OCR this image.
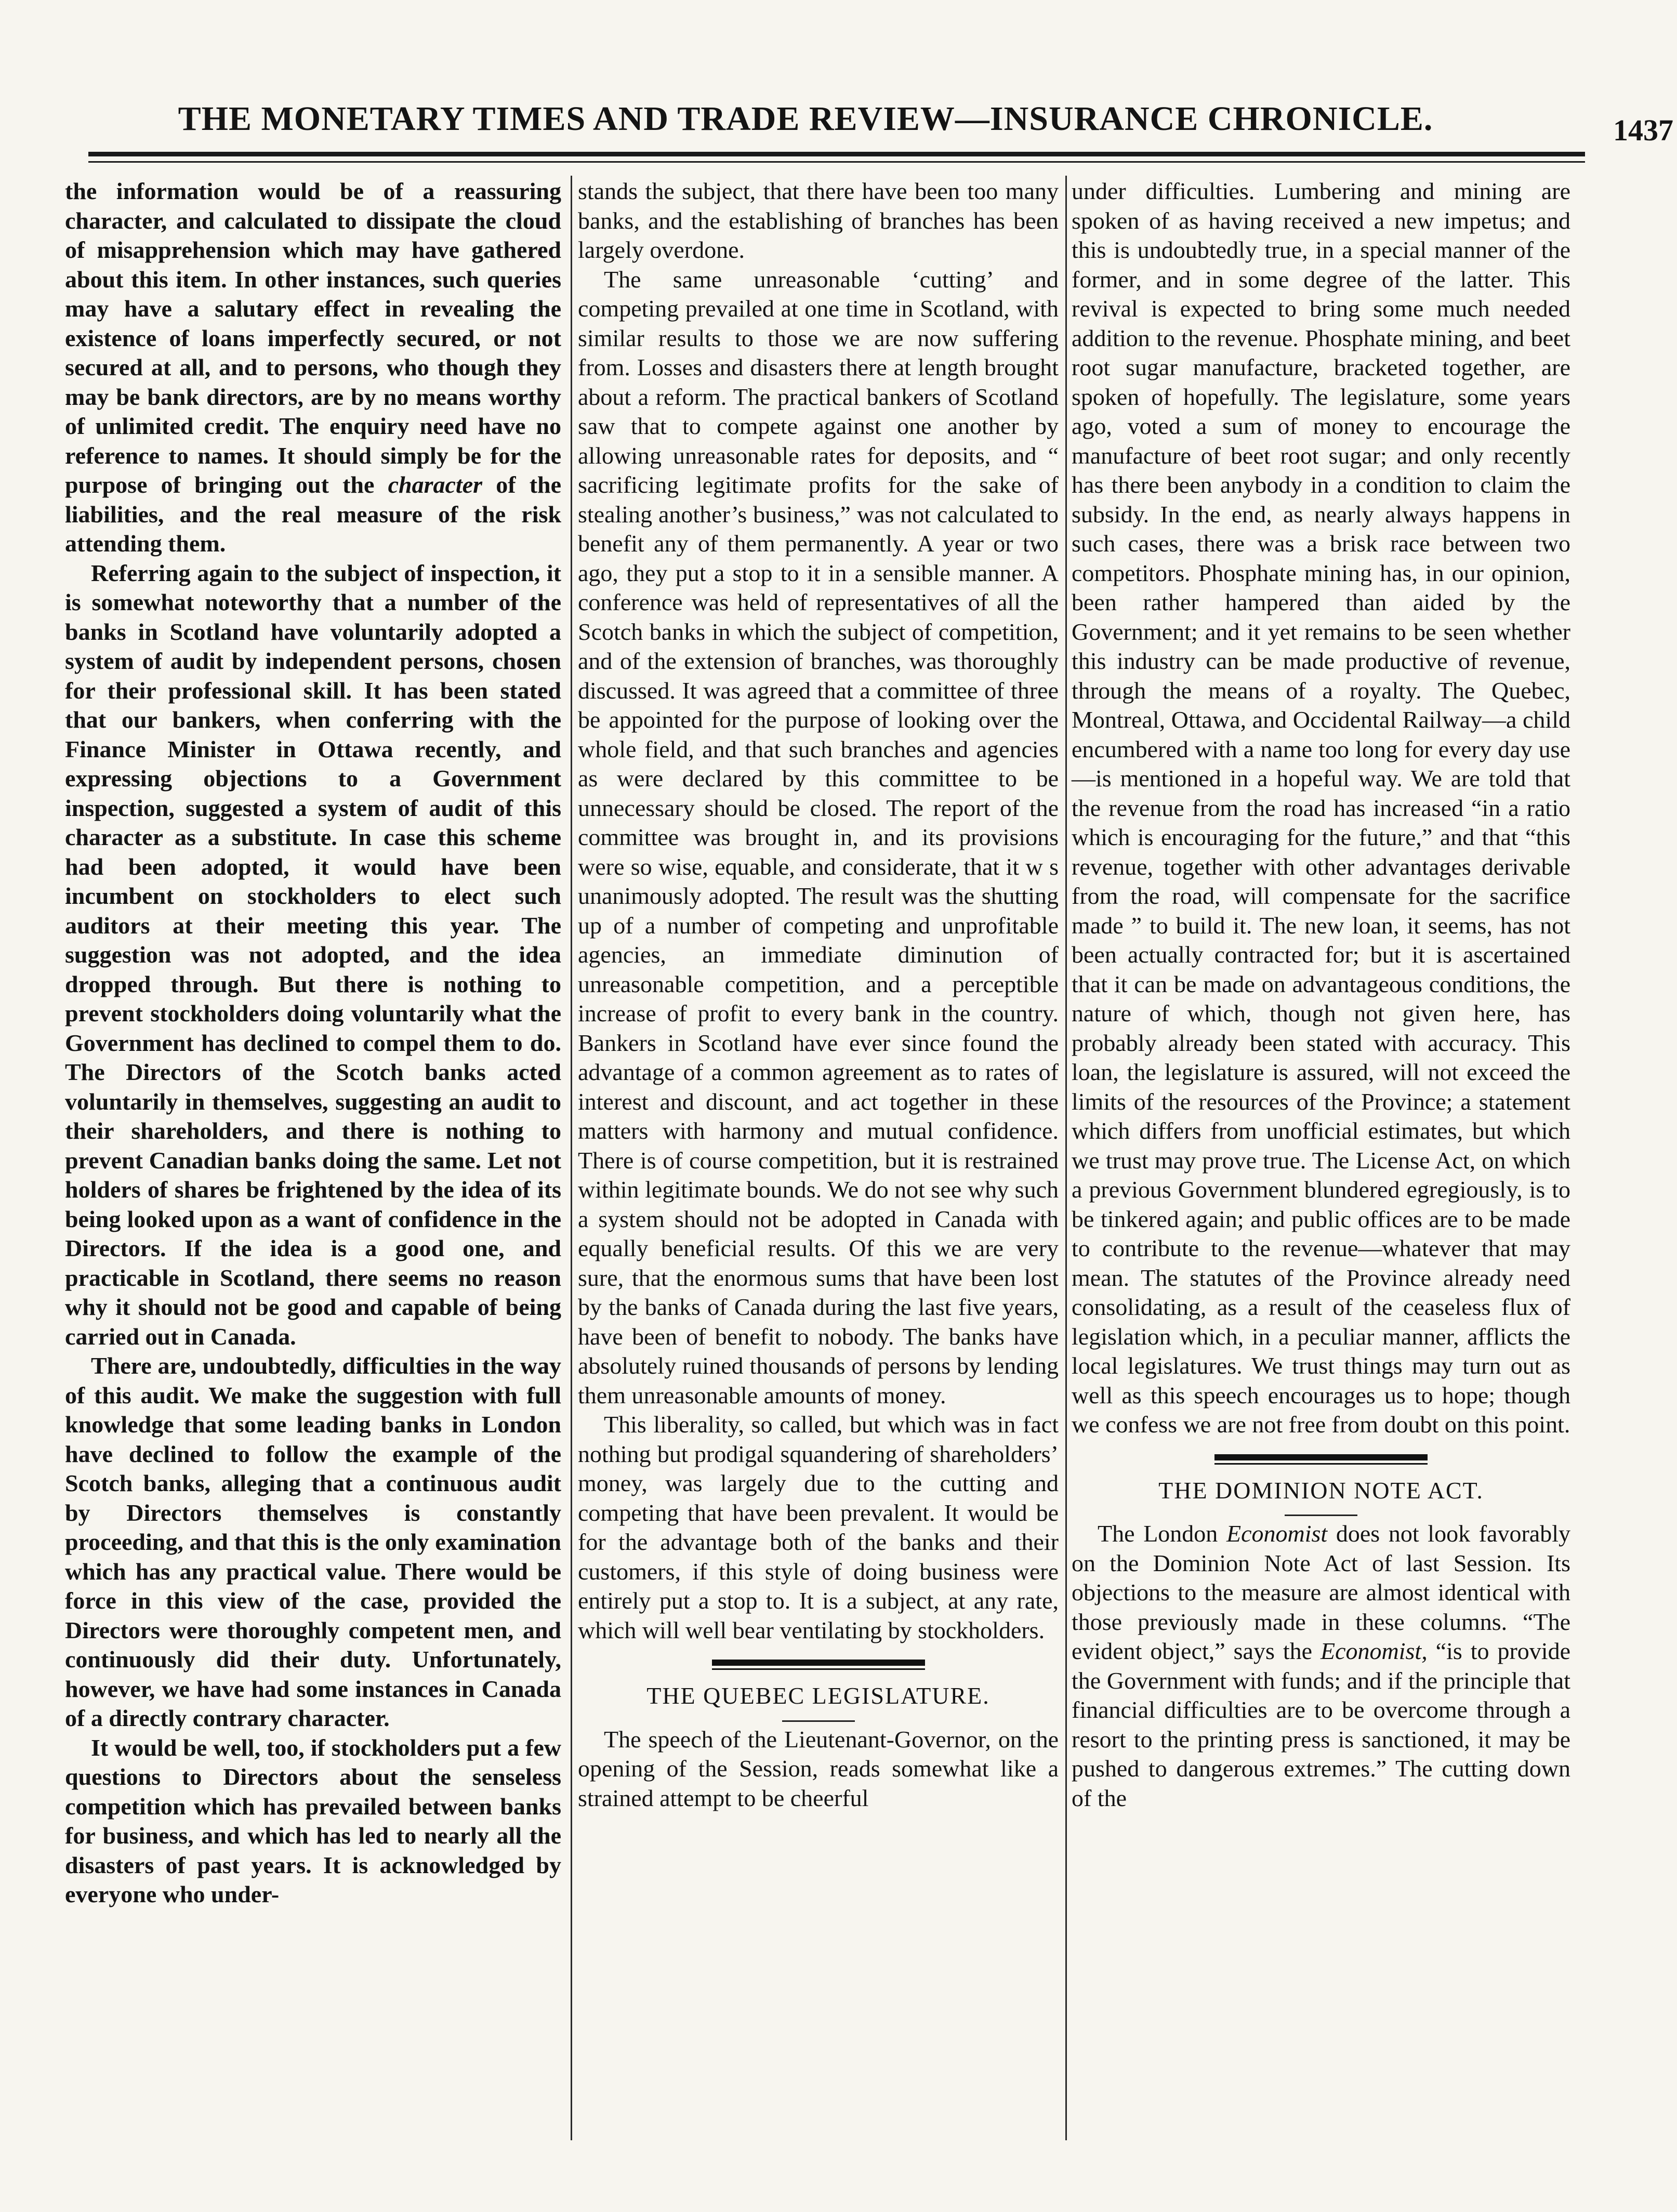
THE MONETARY TIMES AND TRADE REVIEW—INSURANCE CHRONICLE.	1437

the information would be of a reassuring character, and calculated to dissipate the cloud of misapprehension which may have gathered about this item. In other instances, such queries may have a salutary effect in revealing the existence of loans imperfectly secured, or not secured at all, and to persons, who though they may be bank directors, are by no means worthy of unlimited credit. The enquiry need have no reference to names. It should simply be for the purpose of bringing out the character of the liabilities, and the real measure of the risk attending them.

Referring again to the subject of inspection, it is somewhat noteworthy that a number of the banks in Scotland have voluntarily adopted a system of audit by independent persons, chosen for their professional skill. It has been stated that our bankers, when conferring with the Finance Minister in Ottawa recently, and expressing objections to a Government inspection, suggested a system of audit of this character as a substitute. In case this scheme had been adopted, it would have been incumbent on stockholders to elect such auditors at their meeting this year. The suggestion was not adopted, and the idea dropped through. But there is nothing to prevent stockholders doing voluntarily what the Government has declined to compel them to do. The Directors of the Scotch banks acted voluntarily in themselves, suggesting an audit to their shareholders, and there is nothing to prevent Canadian banks doing the same. Let not holders of shares be frightened by the idea of its being looked upon as a want of confidence in the Directors. If the idea is a good one, and practicable in Scotland, there seems no reason why it should not be good and capable of being carried out in Canada.

There are, undoubtedly, difficulties in the way of this audit. We make the suggestion with full knowledge that some leading banks in London have declined to follow the example of the Scotch banks, alleging that a continuous audit by Directors themselves is constantly proceeding, and that this is the only examination which has any practical value. There would be force in this view of the case, provided the Directors were thoroughly competent men, and continuously did their duty. Unfortunately, however, we have had some instances in Canada of a directly contrary character.

It would be well, too, if stockholders put a few questions to Directors about the senseless competition which has prevailed between banks for business, and which has led to nearly all the disasters of past years. It is acknowledged by everyone who under-

stands the subject, that there have been too many banks, and the establishing of branches has been largely overdone.

The same unreasonable ‘cutting’ and competing prevailed at one time in Scotland, with similar results to those we are now suffering from. Losses and disasters there at length brought about a reform. The practical bankers of Scotland saw that to compete against one another by allowing unreasonable rates for deposits, and “ sacrificing legitimate profits for the sake of stealing another’s business,” was not calculated to benefit any of them permanently. A year or two ago, they put a stop to it in a sensible manner. A conference was held of representatives of all the Scotch banks in which the subject of competition, and of the extension of branches, was thoroughly discussed. It was agreed that a committee of three be appointed for the purpose of looking over the whole field, and that such branches and agencies as were declared by this committee to be unnecessary should be closed. The report of the committee was brought in, and its provisions were so wise, equable, and considerate, that it w s unanimously adopted. The result was the shutting up of a number of competing and unprofitable agencies, an immediate diminution of unreasonable competition, and a perceptible increase of profit to every bank in the country. Bankers in Scotland have ever since found the advantage of a common agreement as to rates of interest and discount, and act together in these matters with harmony and mutual confidence. There is of course competition, but it is restrained within legitimate bounds. We do not see why such a system should not be adopted in Canada with equally beneficial results. Of this we are very sure, that the enormous sums that have been lost by the banks of Canada during the last five years, have been of benefit to nobody. The banks have absolutely ruined thousands of persons by lending them unreasonable amounts of money.

This liberality, so called, but which was in fact nothing but prodigal squandering of shareholders’ money, was largely due to the cutting and competing that have been prevalent. It would be for the advantage both of the banks and their customers, if this style of doing business were entirely put a stop to. It is a subject, at any rate, which will well bear ventilating by stockholders.

THE QUEBEC LEGISLATURE.

The speech of the Lieutenant-Governor, on the opening of the Session, reads somewhat like a strained attempt to be cheerful

under difficulties. Lumbering and mining are spoken of as having received a new impetus; and this is undoubtedly true, in a special manner of the former, and in some degree of the latter. This revival is expected to bring some much needed addition to the revenue. Phosphate mining, and beet root sugar manufacture, bracketed together, are spoken of hopefully. The legislature, some years ago, voted a sum of money to encourage the manufacture of beet root sugar; and only recently has there been anybody in a condition to claim the subsidy. In the end, as nearly always happens in such cases, there was a brisk race between two competitors. Phosphate mining has, in our opinion, been rather hampered than aided by the Government; and it yet remains to be seen whether this industry can be made productive of revenue, through the means of a royalty. The Quebec, Montreal, Ottawa, and Occidental Railway—a child encumbered with a name too long for every day use—is mentioned in a hopeful way. We are told that the revenue from the road has increased “in a ratio which is encouraging for the future,” and that “this revenue, together with other advantages derivable from the road, will compensate for the sacrifice made ” to build it. The new loan, it seems, has not been actually contracted for; but it is ascertained that it can be made on advantageous conditions, the nature of which, though not given here, has probably already been stated with accuracy. This loan, the legislature is assured, will not exceed the limits of the resources of the Province; a statement which differs from unofficial estimates, but which we trust may prove true. The License Act, on which a previous Government blundered egregiously, is to be tinkered again; and public offices are to be made to contribute to the revenue—whatever that may mean. The statutes of the Province already need consolidating, as a result of the ceaseless flux of legislation which, in a peculiar manner, afflicts the local legislatures. We trust things may turn out as well as this speech encourages us to hope; though we confess we are not free from doubt on this point.

THE DOMINION NOTE ACT.

The London Economist does not look favorably on the Dominion Note Act of last Session. Its objections to the measure are almost identical with those previously made in these columns. “The evident object,” says the Economist, “is to provide the Government with funds; and if the principle that financial difficulties are to be overcome through a resort to the printing press is sanctioned, it may be pushed to dangerous extremes.” The cutting down of the
